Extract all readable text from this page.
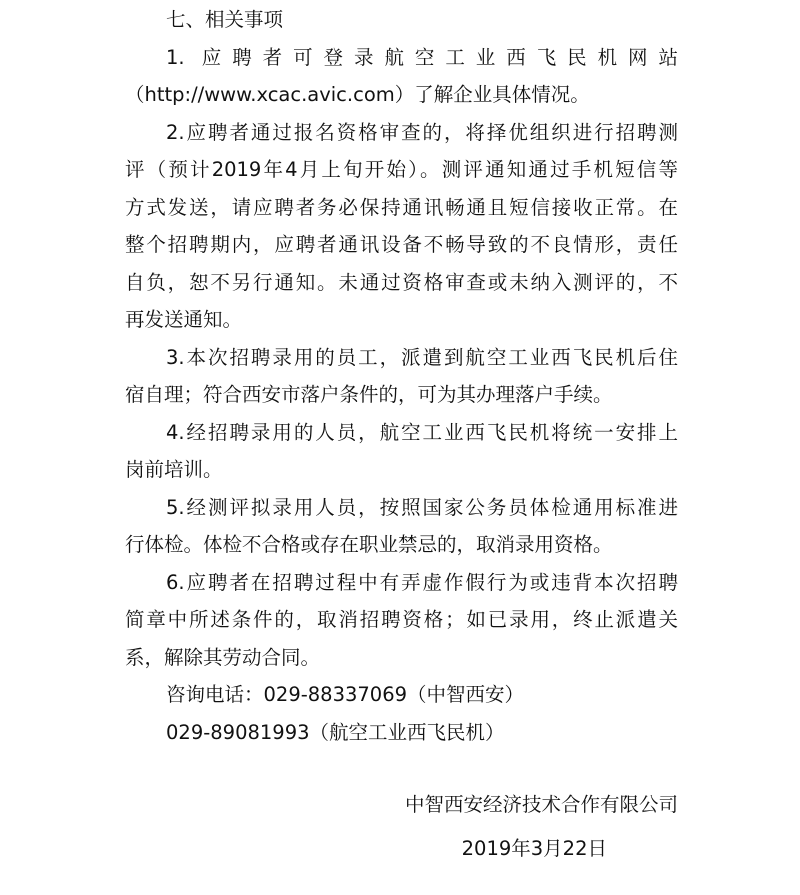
七、相关事项
1. 应聘者可登录航空工业西飞民机网站
（http://www.xcac.avic.com）了解企业具体情况。
2.应聘者通过报名资格审查的，将择优组织进行招聘测
评（预计2019年4月上旬开始）。测评通知通过手机短信等
方式发送，请应聘者务必保持通讯畅通且短信接收正常。在
整个招聘期内，应聘者通讯设备不畅导致的不良情形，责任
自负，恕不另行通知。未通过资格审查或未纳入测评的，不
再发送通知。
3.本次招聘录用的员工，派遣到航空工业西飞民机后住
宿自理；符合西安市落户条件的，可为其办理落户手续。
4.经招聘录用的人员，航空工业西飞民机将统一安排上
岗前培训。
5.经测评拟录用人员，按照国家公务员体检通用标准进
行体检。体检不合格或存在职业禁忌的，取消录用资格。
6.应聘者在招聘过程中有弄虚作假行为或违背本次招聘
简章中所述条件的，取消招聘资格；如已录用，终止派遣关
系，解除其劳动合同。
咨询电话：029-88337069（中智西安）
029-89081993（航空工业西飞民机）
中智西安经济技术合作有限公司
2019年3月22日
